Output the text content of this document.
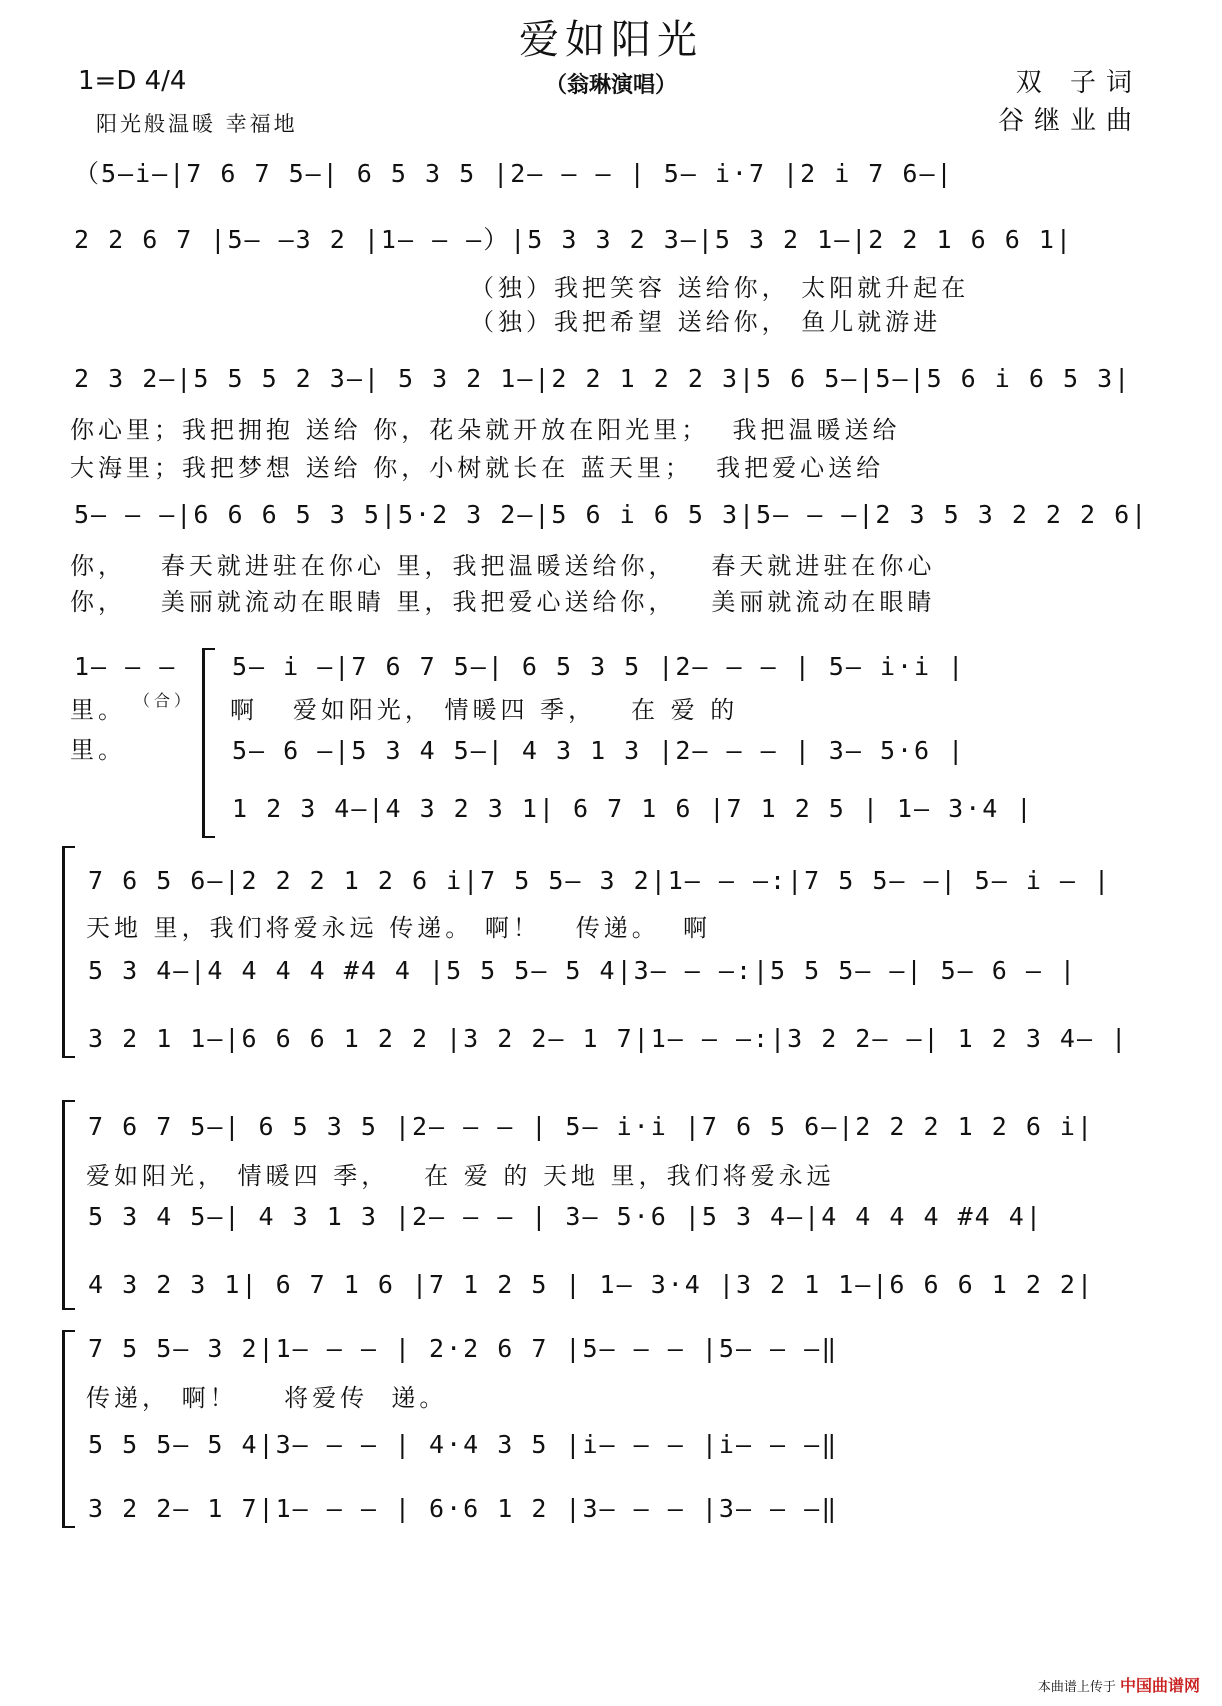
爱如阳光
（翁琳演唱）
1=D 4/4
阳光般温暖 幸福地
双 子词
谷继业曲
（5—i—|7 6 7 5—| 6 5 3 5 |2— — — | 5— i·7 |2 i 7 6—|
2 2 6 7 |5— —3 2 |1— — —）|5 3 3 2 3—|5 3 2 1—|2 2 1 6 6 1|
（独）我把笑容 送给你， 太阳就升起在
（独）我把希望 送给你， 鱼儿就游进
2 3 2—|5 5 5 2 3—| 5 3 2 1—|2 2 1 2 2 3|5 6 5—|5—|5 6 i 6 5 3|
你心里；我把拥抱 送给 你，花朵就开放在阳光里；  我把温暖送给
大海里；我把梦想 送给 你，小树就长在 蓝天里；  我把爱心送给
5— — —|6 6 6 5 3 5|5·2 3 2—|5 6 i 6 5 3|5— — —|2 3 5 3 2 2 2 6|
你，   春天就进驻在你心 里，我把温暖送给你，   春天就进驻在你心
你，   美丽就流动在眼睛 里，我把爱心送给你，   美丽就流动在眼睛
1— — —
里。 （合）
里。
5— i —|7 6 7 5—| 6 5 3 5 |2— — — | 5— i·i |
啊   爱如阳光， 情暖四 季，   在 爱 的
5— 6 —|5 3 4 5—| 4 3 1 3 |2— — — | 3— 5·6 |
1 2 3 4—|4 3 2 3 1| 6 7 1 6 |7 1 2 5 | 1— 3·4 |
7 6 5 6—|2 2 2 1 2 6 i|7 5 5— 3 2|1— — —:|7 5 5— —| 5— i — |
天地 里，我们将爱永远 传递。 啊！   传递。  啊
5 3 4—|4 4 4 4 #4 4 |5 5 5— 5 4|3— — —:|5 5 5— —| 5— 6 — |
3 2 1 1—|6 6 6 1 2 2 |3 2 2— 1 7|1— — —:|3 2 2— —| 1 2 3 4— |
7 6 7 5—| 6 5 3 5 |2— — — | 5— i·i |7 6 5 6—|2 2 2 1 2 6 i|
爱如阳光， 情暖四 季，   在 爱 的 天地 里，我们将爱永远
5 3 4 5—| 4 3 1 3 |2— — — | 3— 5·6 |5 3 4—|4 4 4 4 #4 4|
4 3 2 3 1| 6 7 1 6 |7 1 2 5 | 1— 3·4 |3 2 1 1—|6 6 6 1 2 2|
7 5 5— 3 2|1— — — | 2·2 6 7 |5— — — |5— — —‖
传递， 啊！    将爱传  递。
5 5 5— 5 4|3— — — | 4·4 3 5 |i— — — |i— — —‖
3 2 2— 1 7|1— — — | 6·6 1 2 |3— — — |3— — —‖
本曲谱上传于 中国曲谱网
